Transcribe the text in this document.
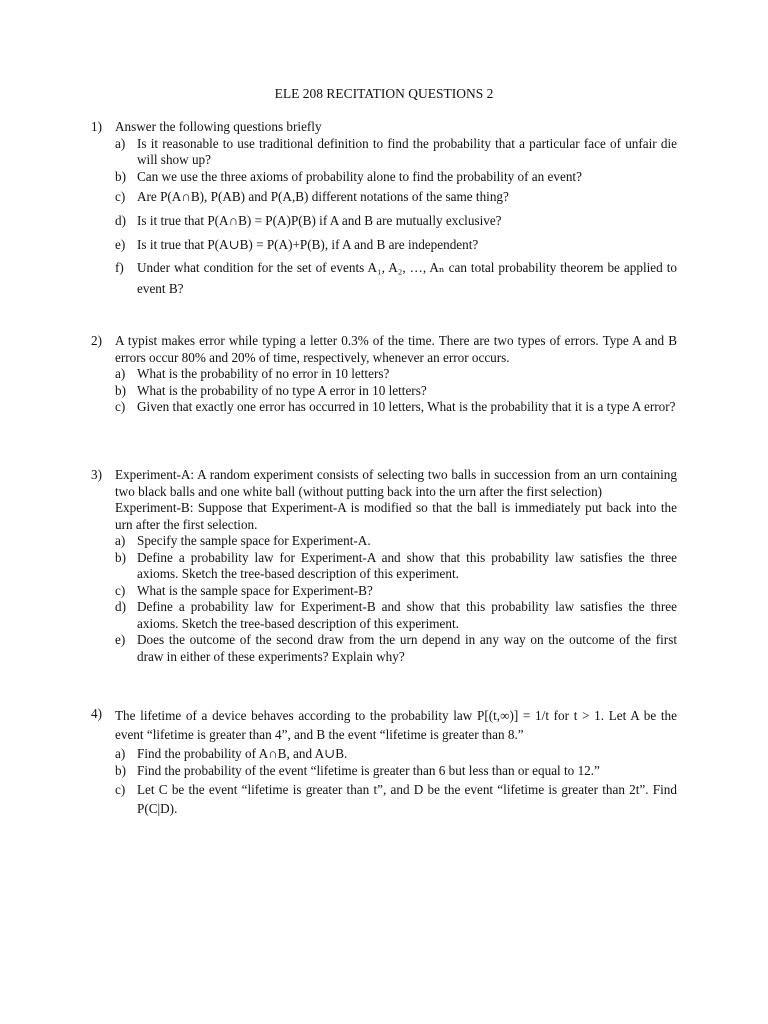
ELE 208 RECITATION QUESTIONS 2
1) Answer the following questions briefly
a) Is it reasonable to use traditional definition to find the probability that a particular face of unfair die will show up?
b) Can we use the three axioms of probability alone to find the probability of an event?
c) Are P(A∩B), P(AB) and P(A,B) different notations of the same thing?
d) Is it true that P(A∩B) = P(A)P(B) if A and B are mutually exclusive?
e) Is it true that P(A∪B) = P(A)+P(B), if A and B are independent?
f) Under what condition for the set of events A₁, A₂, …, Aₙ can total probability theorem be applied to event B?
2) A typist makes error while typing a letter 0.3% of the time. There are two types of errors. Type A and B errors occur 80% and 20% of time, respectively, whenever an error occurs.
a) What is the probability of no error in 10 letters?
b) What is the probability of no type A error in 10 letters?
c) Given that exactly one error has occurred in 10 letters, What is the probability that it is a type A error?
3) Experiment-A: A random experiment consists of selecting two balls in succession from an urn containing two black balls and one white ball (without putting back into the urn after the first selection)
Experiment-B: Suppose that Experiment-A is modified so that the ball is immediately put back into the urn after the first selection.
a) Specify the sample space for Experiment-A.
b) Define a probability law for Experiment-A and show that this probability law satisfies the three axioms. Sketch the tree-based description of this experiment.
c) What is the sample space for Experiment-B?
d) Define a probability law for Experiment-B and show that this probability law satisfies the three axioms. Sketch the tree-based description of this experiment.
e) Does the outcome of the second draw from the urn depend in any way on the outcome of the first draw in either of these experiments? Explain why?
4) The lifetime of a device behaves according to the probability law P[(t,∞)] = 1/t for t > 1. Let A be the event “lifetime is greater than 4”, and B the event “lifetime is greater than 8.”
a) Find the probability of A∩B, and A∪B.
b) Find the probability of the event “lifetime is greater than 6 but less than or equal to 12.”
c) Let C be the event “lifetime is greater than t”, and D be the event “lifetime is greater than 2t”. Find P(C|D).
